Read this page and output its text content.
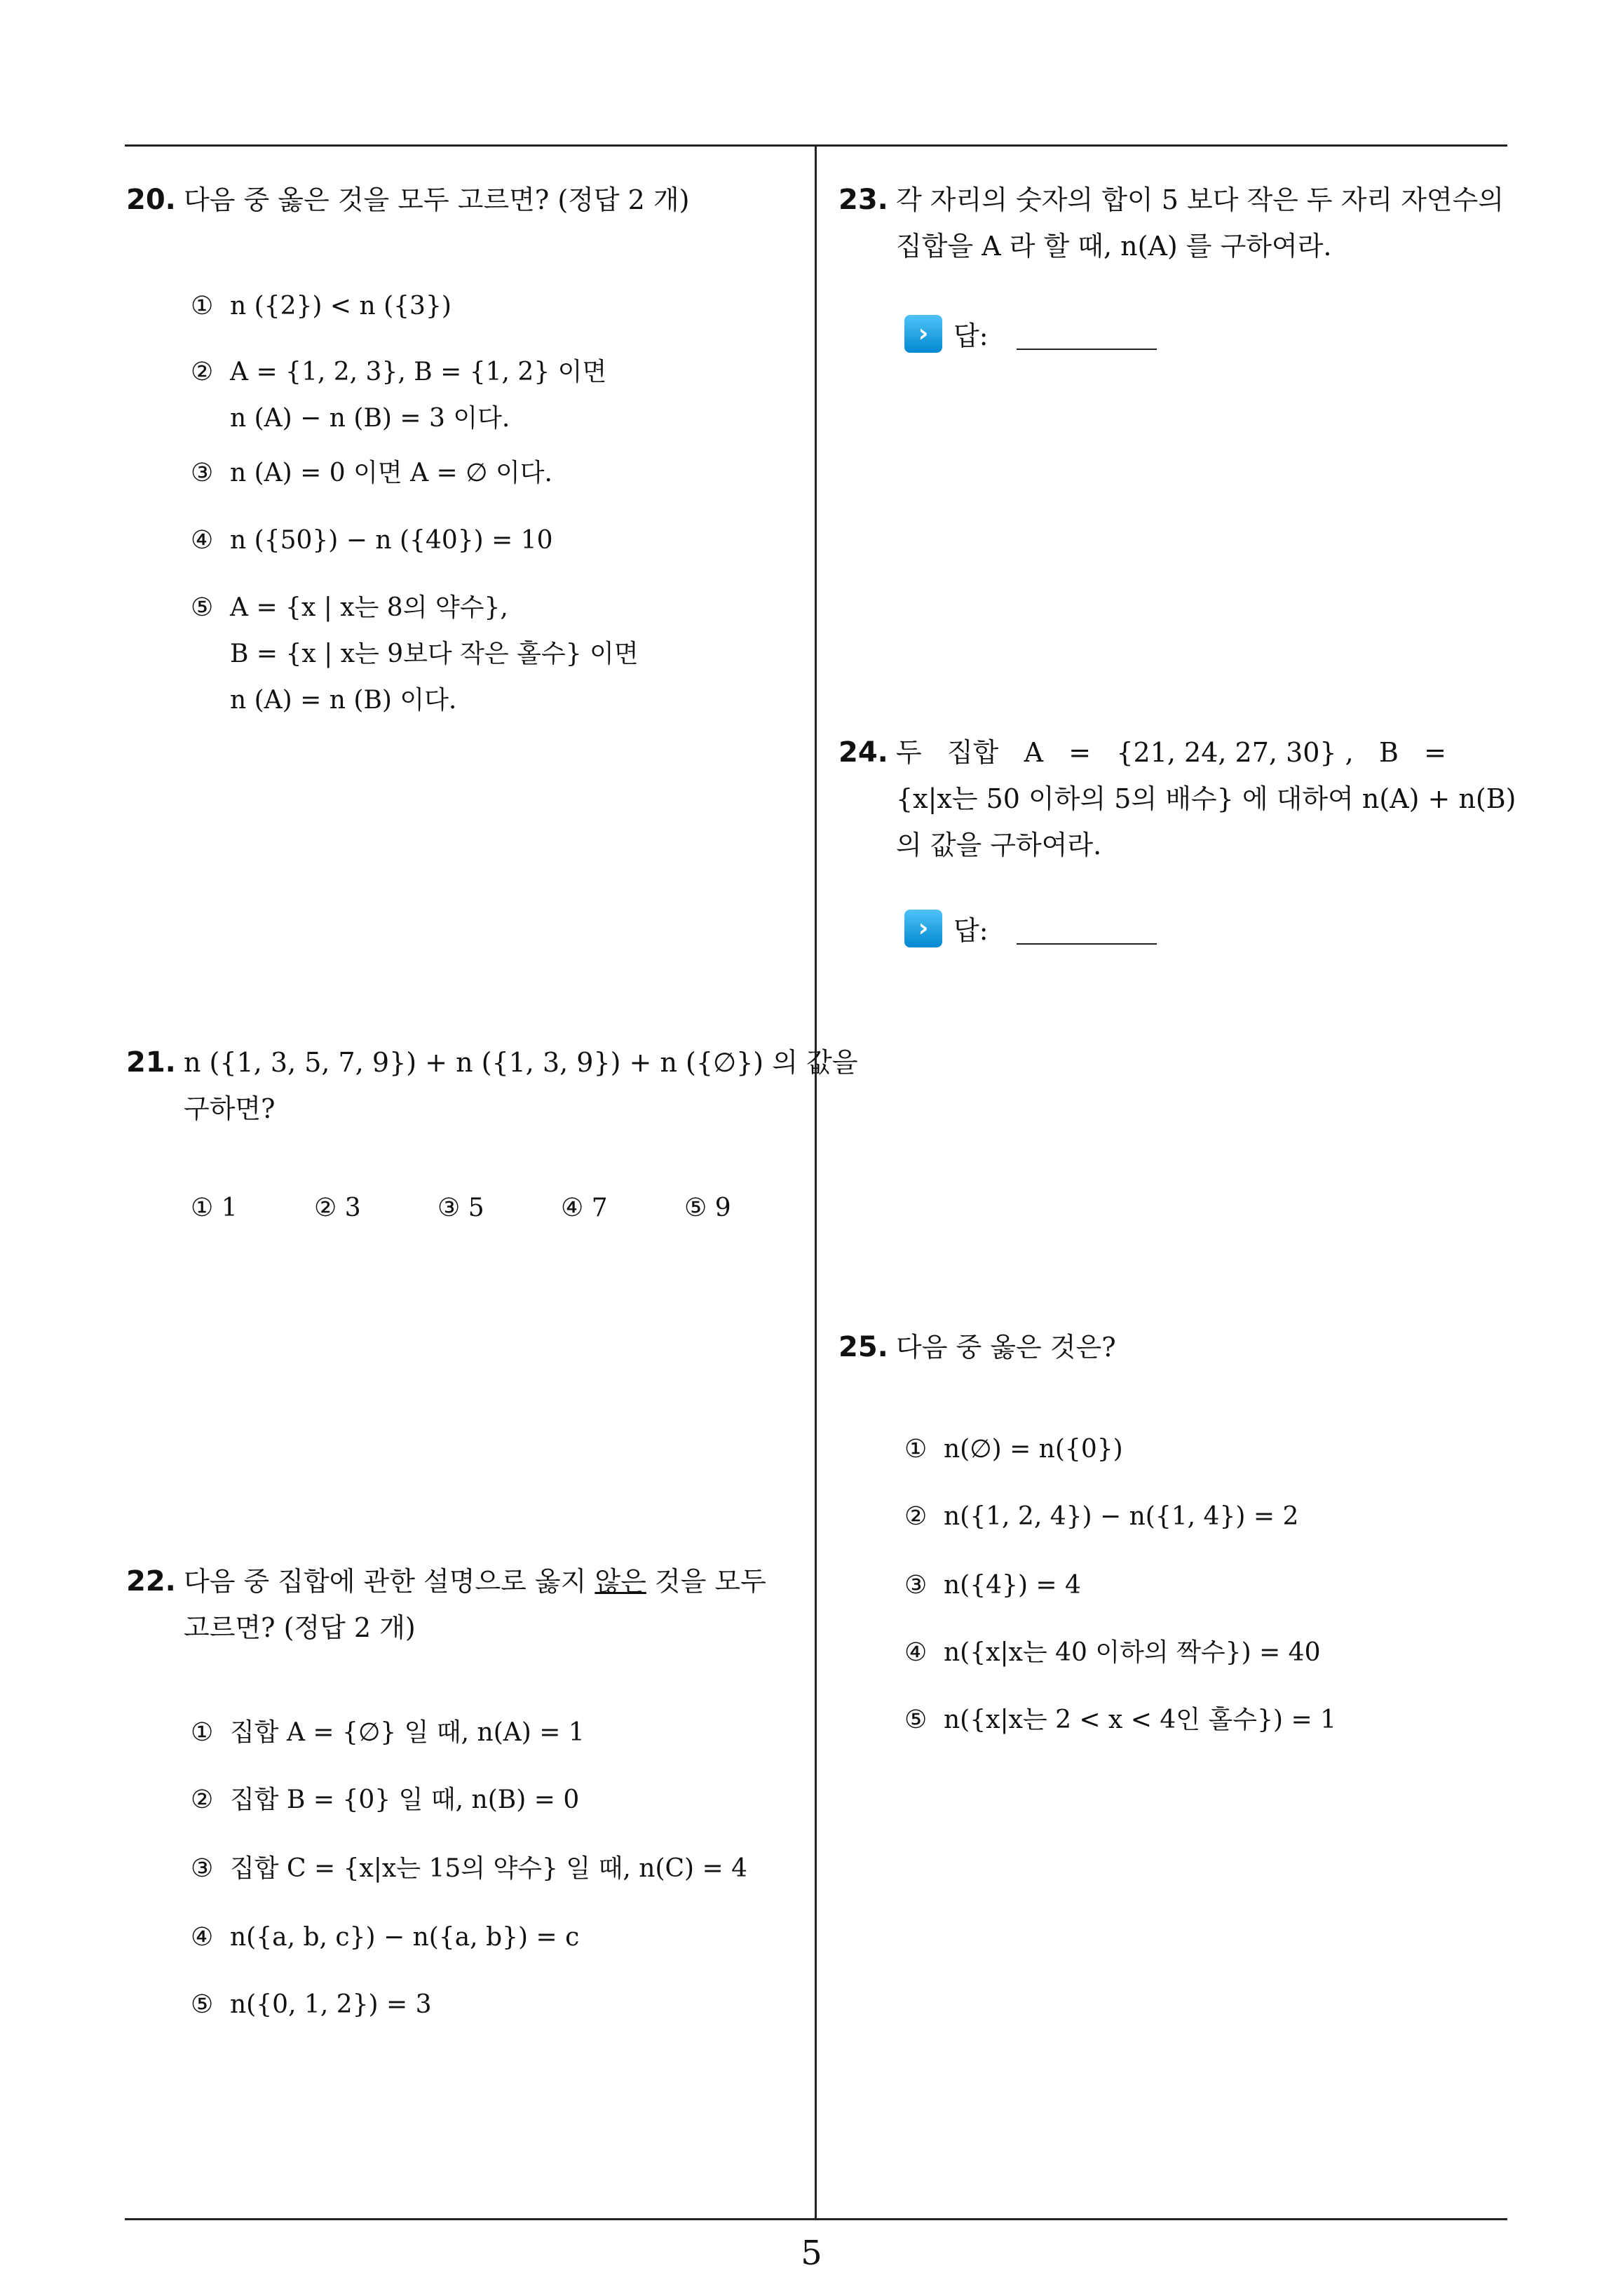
20. 다음 중 옳은 것을 모두 고르면? (정답 2 개)
① n ({2}) < n ({3})
② A = {1, 2, 3}, B = {1, 2} 이면
n (A) − n (B) = 3 이다.
③ n (A) = 0 이면 A = ∅ 이다.
④ n ({50}) − n ({40}) = 10
⑤ A = {x | x는 8의 약수},
B = {x | x는 9보다 작은 홀수} 이면
n (A) = n (B) 이다.
21. n ({1, 3, 5, 7, 9}) + n ({1, 3, 9}) + n ({∅}) 의 값을
구하면?
① 1	② 3	③ 5	④ 7	⑤ 9
22. 다음 중 집합에 관한 설명으로 옳지 않은 것을 모두
고르면? (정답 2 개)
① 집합 A = {∅} 일 때, n(A) = 1
② 집합 B = {0} 일 때, n(B) = 0
③ 집합 C = {x|x는 15의 약수} 일 때, n(C) = 4
④ n({a, b, c}) − n({a, b}) = c
⑤ n({0, 1, 2}) = 3
23. 각 자리의 숫자의 합이 5 보다 작은 두 자리 자연수의
집합을 A 라 할 때, n(A) 를 구하여라.
› 답:
24. 두   집합   A   =   {21, 24, 27, 30} ,   B   =
{x|x는 50 이하의 5의 배수} 에 대하여 n(A) + n(B)
의 값을 구하여라.
› 답:
25. 다음 중 옳은 것은?
① n(∅) = n({0})
② n({1, 2, 4}) − n({1, 4}) = 2
③ n({4}) = 4
④ n({x|x는 40 이하의 짝수}) = 40
⑤ n({x|x는 2 < x < 4인 홀수}) = 1
5
